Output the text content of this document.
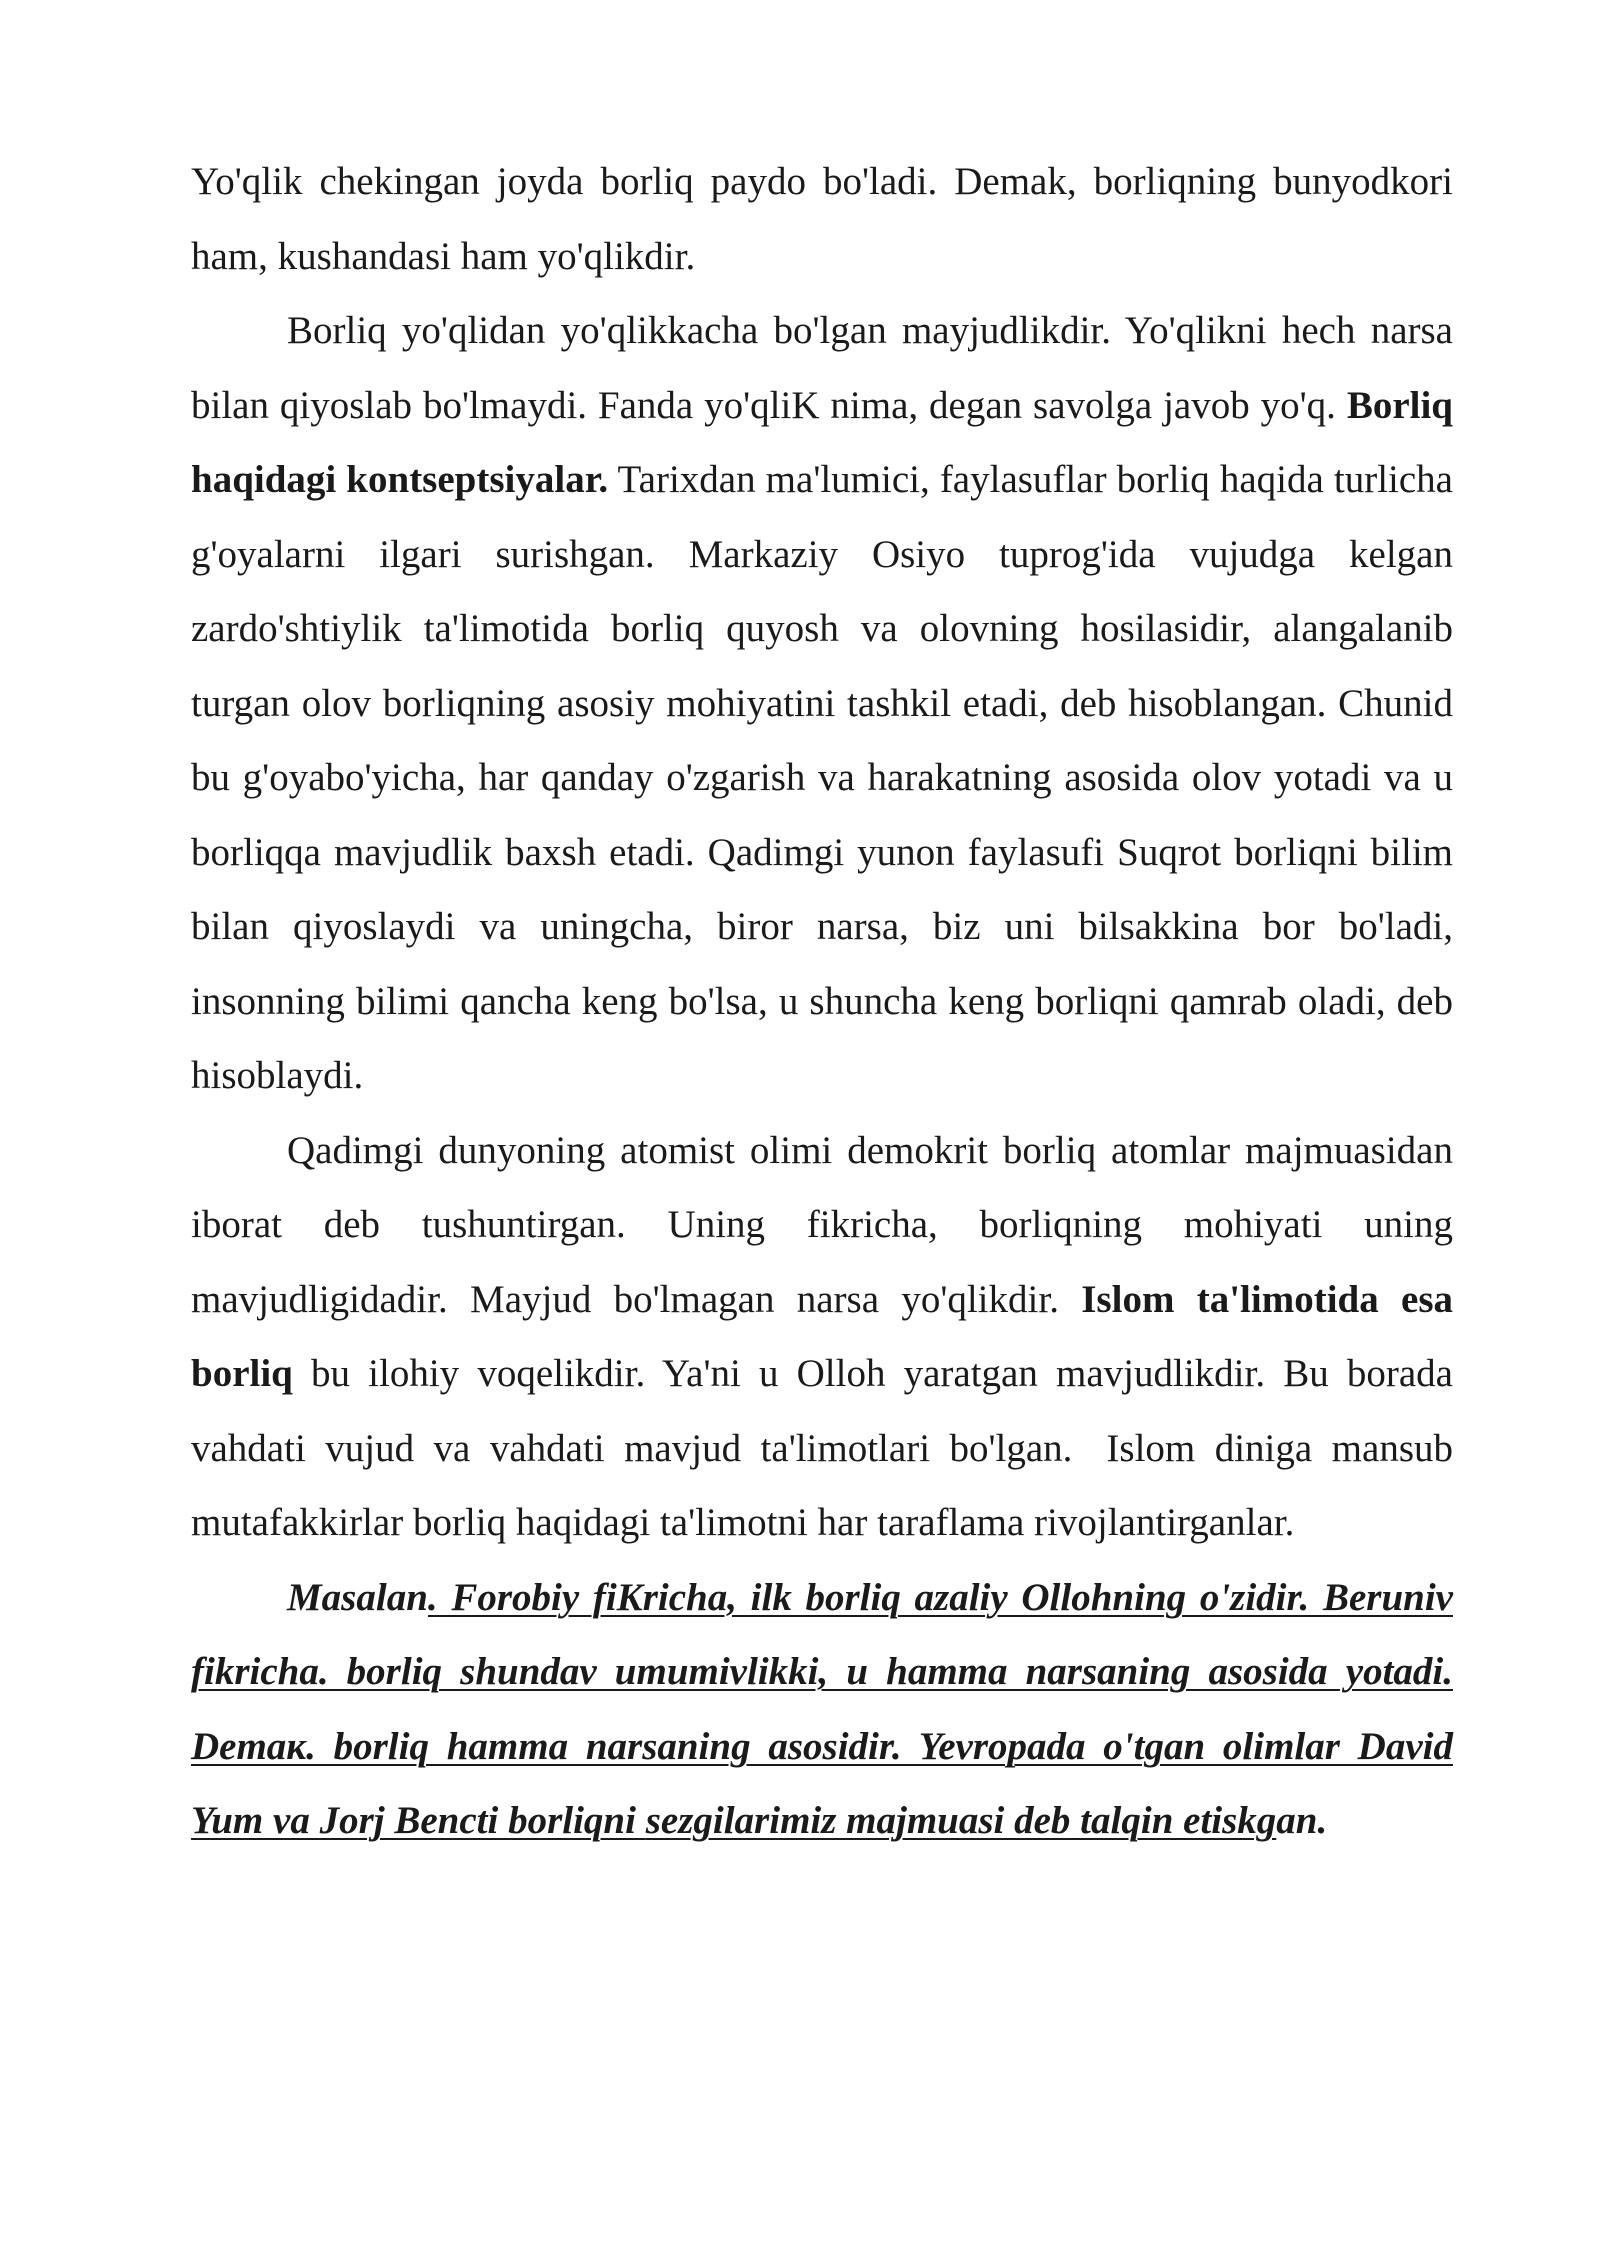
Yo'qlik chekingan joyda borliq paydo bo'ladi. Demak, borliqning bunyodkori ham, kushandasi ham yo'qlikdir.

Borliq yo'qlidan yo'qlikkacha bo'lgan mayjudlikdir. Yo'qlikni hech narsa bilan qiyoslab bo'lmaydi. Fanda yo'qliK nima, degan savolga javob yo'q. Borliq haqidagi kontseptsiyalar. Tarixdan ma'lumici, faylasuflar borliq haqida turlicha g'oyalarni ilgari surishgan. Markaziy Osiyo tuprog'ida vujudga kelgan zardo'shtiylik ta'limotida borliq quyosh va olovning hosilasidir, alangalanib turgan olov borliqning asosiy mohiyatini tashkil etadi, deb hisoblangan. Chunid bu g'oyabo'yicha, har qanday o'zgarish va harakatning asosida olov yotadi va u borliqqa mavjudlik baxsh etadi. Qadimgi yunon faylasufi Suqrot borliqni bilim bilan qiyoslaydi va uningcha, biror narsa, biz uni bilsakkina bor bo'ladi, insonning bilimi qancha keng bo'lsa, u shuncha keng borliqni qamrab oladi, deb hisoblaydi.

Qadimgi dunyoning atomist olimi demokrit borliq atomlar majmuasidan iborat deb tushuntirgan. Uning fikricha, borliqning mohiyati uning mavjudligidadir. Mayjud bo'lmagan narsa yo'qlikdir. Islom ta'limotida esa borliq bu ilohiy voqelikdir. Ya'ni u Olloh yaratgan mavjudlikdir. Bu borada vahdati vujud va vahdati mavjud ta'limotlari bo'lgan. Islom diniga mansub mutafakkirlar borliq haqidagi ta'limotni har taraflama rivojlantirganlar.

Masalan. Forobiy fiKricha, ilk borliq azaliy Ollohning o'zidir. Beruniv fikricha. borliq shundav umumivlikki, u hamma narsaning asosida yotadi. Demaк. borliq hamma narsaning asosidir. Yevropada o'tgan olimlar David Yum va Jorj Bencti borliqni sezgilarimiz majmuasi deb talqin etiskgan.
